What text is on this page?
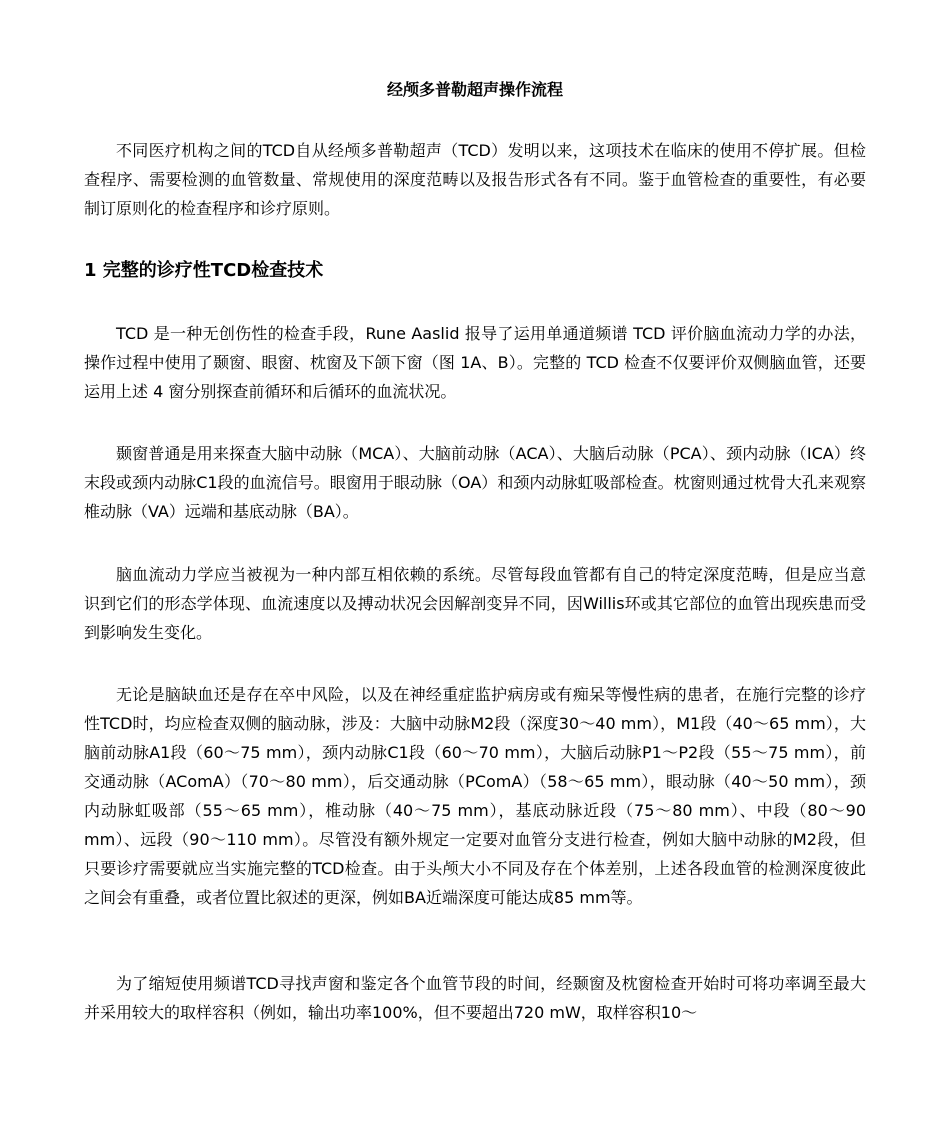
经颅多普勒超声操作流程

不同医疗机构之间的TCD自从经颅多普勒超声（TCD）发明以来，这项技术在临床的使用不停扩展。但检查程序、需要检测的血管数量、常规使用的深度范畴以及报告形式各有不同。鉴于血管检查的重要性，有必要制订原则化的检查程序和诊疗原则。

1 完整的诊疗性TCD检查技术

TCD 是一种无创伤性的检查手段，Rune Aaslid 报导了运用单通道频谱 TCD 评价脑血流动力学的办法，操作过程中使用了颞窗、眼窗、枕窗及下颌下窗（图 1A、B）。完整的 TCD 检查不仅要评价双侧脑血管，还要运用上述 4 窗分别探查前循环和后循环的血流状况。

颞窗普通是用来探查大脑中动脉（MCA）、大脑前动脉（ACA）、大脑后动脉（PCA）、颈内动脉（ICA）终末段或颈内动脉C1段的血流信号。眼窗用于眼动脉（OA）和颈内动脉虹吸部检查。枕窗则通过枕骨大孔来观察椎动脉（VA）远端和基底动脉（BA）。

脑血流动力学应当被视为一种内部互相依赖的系统。尽管每段血管都有自己的特定深度范畴，但是应当意识到它们的形态学体现、血流速度以及搏动状况会因解剖变异不同，因Willis环或其它部位的血管出现疾患而受到影响发生变化。

无论是脑缺血还是存在卒中风险，以及在神经重症监护病房或有痴呆等慢性病的患者，在施行完整的诊疗性TCD时，均应检查双侧的脑动脉，涉及：大脑中动脉M2段（深度30～40 mm），M1段（40～65 mm），大脑前动脉A1段（60～75 mm），颈内动脉C1段（60～70 mm），大脑后动脉P1～P2段（55～75 mm），前交通动脉（AComA）（70～80 mm），后交通动脉（PComA）（58～65 mm），眼动脉（40～50 mm），颈内动脉虹吸部（55～65 mm），椎动脉（40～75 mm），基底动脉近段（75～80 mm）、中段（80～90 mm）、远段（90～110 mm）。尽管没有额外规定一定要对血管分支进行检查，例如大脑中动脉的M2段，但只要诊疗需要就应当实施完整的TCD检查。由于头颅大小不同及存在个体差别，上述各段血管的检测深度彼此之间会有重叠，或者位置比叙述的更深，例如BA近端深度可能达成85 mm等。

为了缩短使用频谱TCD寻找声窗和鉴定各个血管节段的时间，经颞窗及枕窗检查开始时可将功率调至最大并采用较大的取样容积（例如，输出功率100%，但不要超出720 mW，取样容积10～
